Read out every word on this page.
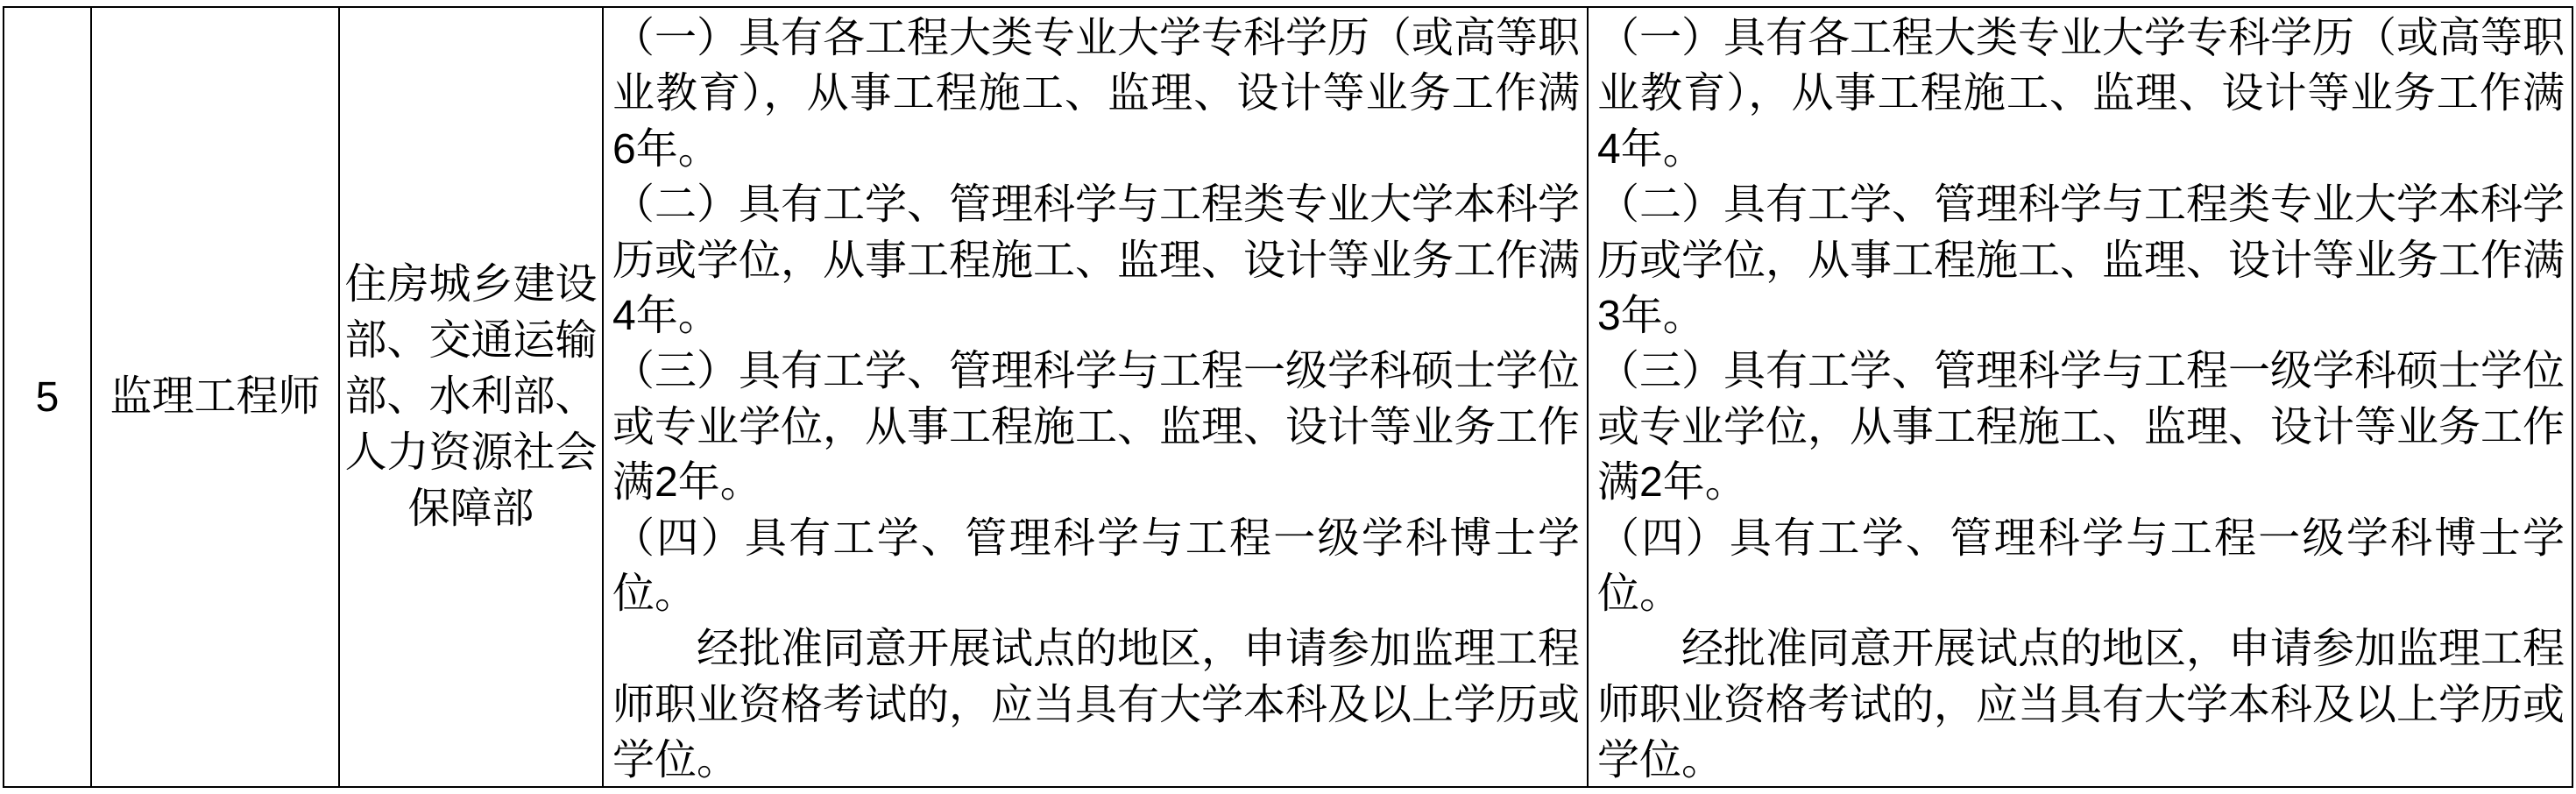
5 监理工程师
住房城乡建设部、交通运输部、水利部、人力资源社会保障部

（一）具有各工程大类专业大学专科学历（或高等职业教育），从事工程施工、监理、设计等业务工作满6年。

（二）具有工学、管理科学与工程类专业大学本科学历或学位，从事工程施工、监理、设计等业务工作满4年。

（三）具有工学、管理科学与工程一级学科硕士学位或专业学位，从事工程施工、监理、设计等业务工作满2年。

（四）具有工学、管理科学与工程一级学科博士学位。

经批准同意开展试点的地区，申请参加监理工程师职业资格考试的，应当具有大学本科及以上学历或学位。

（一）具有各工程大类专业大学专科学历（或高等职业教育），从事工程施工、监理、设计等业务工作满4年。

（二）具有工学、管理科学与工程类专业大学本科学历或学位，从事工程施工、监理、设计等业务工作满3年。

（三）具有工学、管理科学与工程一级学科硕士学位或专业学位，从事工程施工、监理、设计等业务工作满2年。

（四）具有工学、管理科学与工程一级学科博士学位。

经批准同意开展试点的地区，申请参加监理工程师职业资格考试的，应当具有大学本科及以上学历或学位。
